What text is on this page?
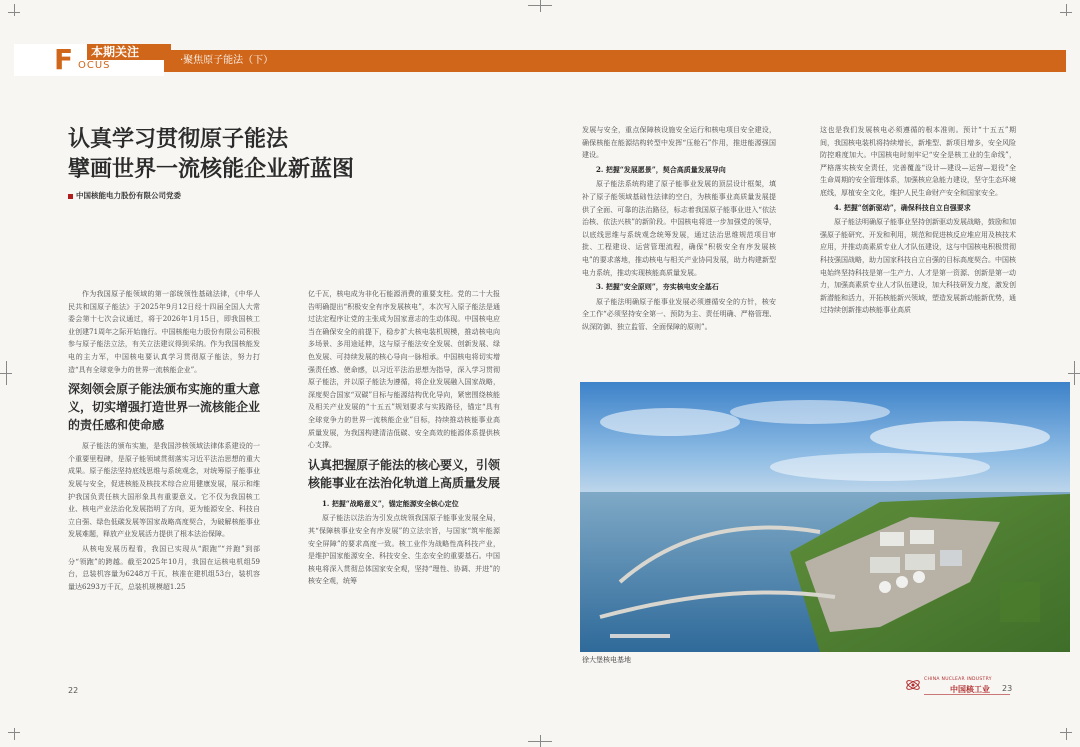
F	本期关注
OCUS	·聚焦原子能法（下）
认真学习贯彻原子能法
擘画世界一流核能企业新蓝图
中国核能电力股份有限公司党委

作为我国原子能领域的第一部统领性基础法律，《中华人民共和国原子能法》于2025年9月12日经十四届全国人大常委会第十七次会议通过，将于2026年1月15日，即我国核工业创建71周年之际开始施行。中国核能电力股份有限公司积极参与原子能法立法，有关立法建议得到采纳。作为我国核能发电的主力军，中国核电要认真学习贯彻原子能法，努力打造“具有全球竞争力的世界一流核能企业”。

深刻领会原子能法颁布实施的重大意义，切实增强打造世界一流核能企业的责任感和使命感

原子能法的颁布实施，是我国涉核领域法律体系建设的一个重要里程碑，是原子能领域贯彻落实习近平法治思想的重大成果。原子能法坚持底线思维与系统观念，对统筹原子能事业发展与安全，促进核能及核技术综合应用健康发展，展示和维护我国负责任核大国形象具有重要意义。它不仅为我国核工业、核电产业法治化发展指明了方向，更为能源安全、科技自立自强、绿色低碳发展等国家战略高度契合，为破解核能事业发展难题，释放产业发展活力提供了根本法治保障。

从核电发展历程看，我国已实现从“跟跑”“并跑”到部分“领跑”的跨越。截至2025年10月，我国在运核电机组59台，总装机容量为6248万千瓦，核准在建机组53台，装机容量达6293万千瓦，总装机规模超1.25

亿千瓦，核电成为非化石能源消费的重要支柱。党的二十大报告明确提出“积极安全有序发展核电”，本次写入原子能法是通过法定程序让党的主张成为国家意志的生动体现。中国核电应当在确保安全的前提下，稳步扩大核电装机规模，推动核电向多场景、多用途延伸，这与原子能法安全发展、创新发展、绿色发展、可持续发展的核心导向一脉相承。中国核电将切实增强责任感、使命感，以习近平法治思想为指导，深入学习贯彻原子能法，并以原子能法为遵循，将企业发展融入国家战略，深度契合国家“双碳”目标与能源结构优化导向，紧密围绕核能及相关产业发展的“十五五”规划要求与实践路径，锚定“具有全球竞争力的世界一流核能企业”目标，持续推动核能事业高质量发展，为我国构建清洁低碳、安全高效的能源体系提供核心支撑。

认真把握原子能法的核心要义，引领核能事业在法治化轨道上高质量发展

1. 把握“战略意义”，锚定能源安全核心定位

原子能法以法治为引发点统领我国原子能事业发展全局，其“保障核事业安全有序发展”的立法宗旨，与国家“筑牢能源安全屏障”的要求高度一致。核工业作为战略性高科技产业，是维护国家能源安全、科技安全、生态安全的重要基石。中国核电将深入贯彻总体国家安全观，坚持“理性、协调、并进”的核安全观，统筹

发展与安全，重点保障核设施安全运行和核电项目安全建设，确保核能在能源结构转型中发挥“压舱石”作用，推进能源强国建设。

2. 把握“发展愿景”，契合高质量发展导向

原子能法系统构建了原子能事业发展的顶层设计框架，填补了原子能领域基础性法律的空白，为核能事业高质量发展提供了全面、可靠的法治路径，标志着我国原子能事业进入“依法治核、依法兴核”的新阶段。中国核电将进一步加强党的领导，以底线思维与系统观念统筹发展，通过法治思维规范项目审批、工程建设、运营管理流程，确保“积极安全有序发展核电”的要求落地，推动核电与相关产业协同发展，助力构建新型电力系统，推动实现核能高质量发展。

3. 把握“安全原则”，夯实核电安全基石

原子能法明确原子能事业发展必须遵循安全的方针，核安全工作“必须坚持安全第一、预防为主、责任明确、严格管理、纵深防御、独立监管、全面保障的原则”。

这也是我们发展核电必须遵循的根本准则。预计“十五五”期间，我国核电装机将持续增长，新堆型、新项目增多，安全风险防控难度加大。中国核电时刻牢记“安全是核工业的生命线”，严格落实核安全责任，完善覆盖“设计—建设—运营—退役”全生命周期的安全管理体系，加强核应急能力建设，坚守生态环境底线，厚植安全文化，维护人民生命财产安全和国家安全。

4. 把握“创新驱动”，确保科技自立自强要求

原子能法明确原子能事业坚持创新驱动发展战略，鼓励和加强原子能研究、开发和利用，规范和促进核反应堆应用及核技术应用，并推动高素质专业人才队伍建设，这与中国核电积极贯彻科技强国战略，助力国家科技自立自强的目标高度契合。中国核电始终坚持科技是第一生产力、人才是第一资源、创新是第一动力，加强高素质专业人才队伍建设，加大科技研发力度，激发创新潜能和活力，开拓核能新兴领域，塑造发展新动能新优势，通过持续创新推动核能事业高质

徐大堡核电基地
22
CHINA NUCLEAR INDUSTRY
中国核工业 23
